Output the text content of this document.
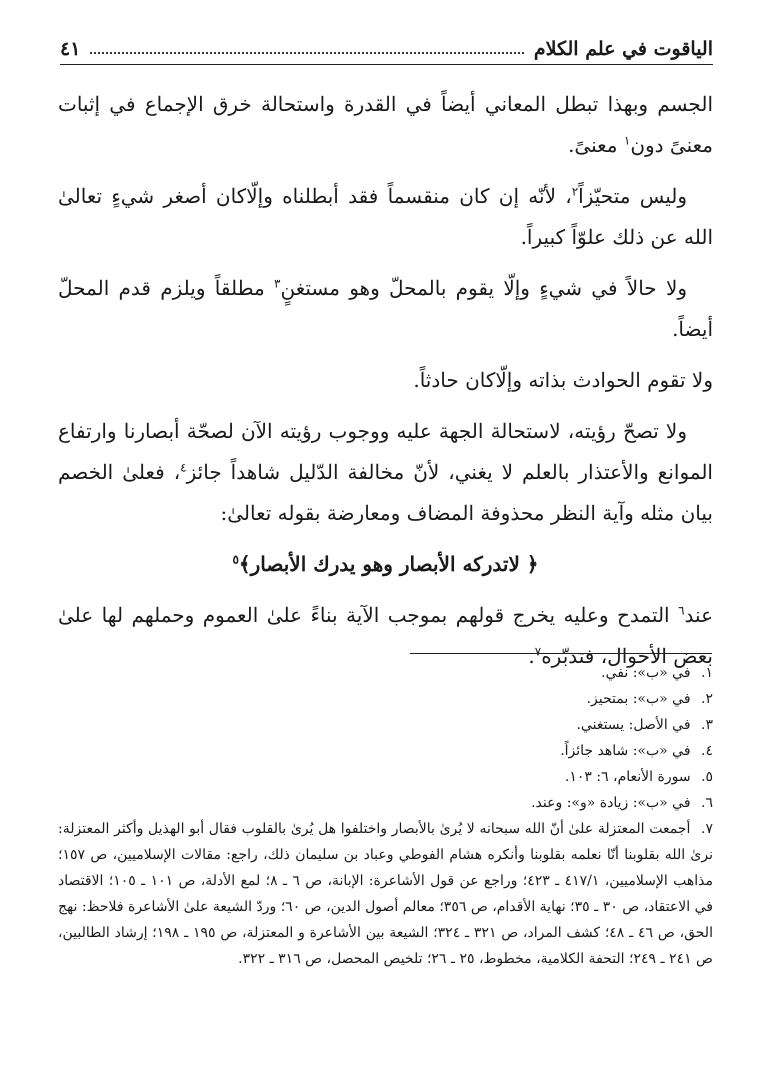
الياقوت في علم الكلام
٤١

الجسم وبهذا تبطل المعاني أيضاً في القدرة واستحالة خرق الإجماع في إثبات معنىً دون$^١$ معنىً.

وليس متحيّزاً$^٢$، لأنّه إن كان منقسماً فقد أبطلناه وإلّاكان أصغر شيءٍ تعالىٰ الله عن ذلك علوّاً كبيراً.

ولا حالاً في شيءٍ وإلّا يقوم بالمحلّ وهو مستغنٍ$^٣$ مطلقاً ويلزم قدم المحلّ أيضاً.

ولا تقوم الحوادث بذاته وإلّاكان حادثاً.

ولا تصحّ رؤيته، لاستحالة الجهة عليه ووجوب رؤيته الآن لصحّة أبصارنا وارتفاع الموانع والأعتذار بالعلم لا يغني، لأنّ مخالفة الدّليل شاهداً جائز$^٤$، فعلىٰ الخصم بيان مثله وآية النظر محذوفة المضاف ومعارضة بقوله تعالىٰ:

﴿ لاتدركه الأبصار وهو يدرك الأبصار﴾$^٥$

عند$^٦$ التمدح وعليه يخرج قولهم بموجب الآية بناءً علىٰ العموم وحملهم لها علىٰ بعض الأحوال، فتدبّره$^٧$.

١. في «ب»: نفي.
٢. في «ب»: بمتحيز.
٣. في الأصل: يستغني.
٤. في «ب»: شاهد جائزاً.
٥. سورة الأنعام، ٦: ١٠٣.
٦. في «ب»: زيادة «و»: وعند.
٧. أجمعت المعتزلة علىٰ أنّ الله سبحانه لا يُرىٰ بالأبصار واختلفوا هل يُرىٰ بالقلوب فقال أبو الهذيل وأكثر المعتزلة: نرىٰ الله بقلوبنا أنّا نعلمه بقلوبنا وأنكره هشام الفوطي وعباد بن سليمان ذلك، راجع: مقالات الإسلاميين، ص ١٥٧؛ مذاهب الإسلاميين، ٤١٧/١ ـ ٤٢٣؛ وراجع عن قول الأشاعرة: الإبانة، ص ٦ ـ ٨؛ لمع الأدلة، ص ١٠١ ـ ١٠٥؛ الاقتصاد في الاعتقاد، ص ٣٠ ـ ٣٥؛ نهاية الأقدام، ص ٣٥٦؛ معالم أصول الدين، ص ٦٠؛ وردّ الشيعة علىٰ الأشاعرة فلاحظ: نهج الحق، ص ٤٦ ـ ٤٨؛ كشف المراد، ص ٣٢١ ـ ٣٢٤؛ الشيعة بين الأشاعرة و المعتزلة، ص ١٩٥ ـ ١٩٨؛ إرشاد الطالبين، ص ٢٤١ ـ ٢٤٩؛ التحفة الكلامية، مخطوط، ٢٥ ـ ٢٦؛ تلخيص المحصل، ص ٣١٦ ـ ٣٢٢.
